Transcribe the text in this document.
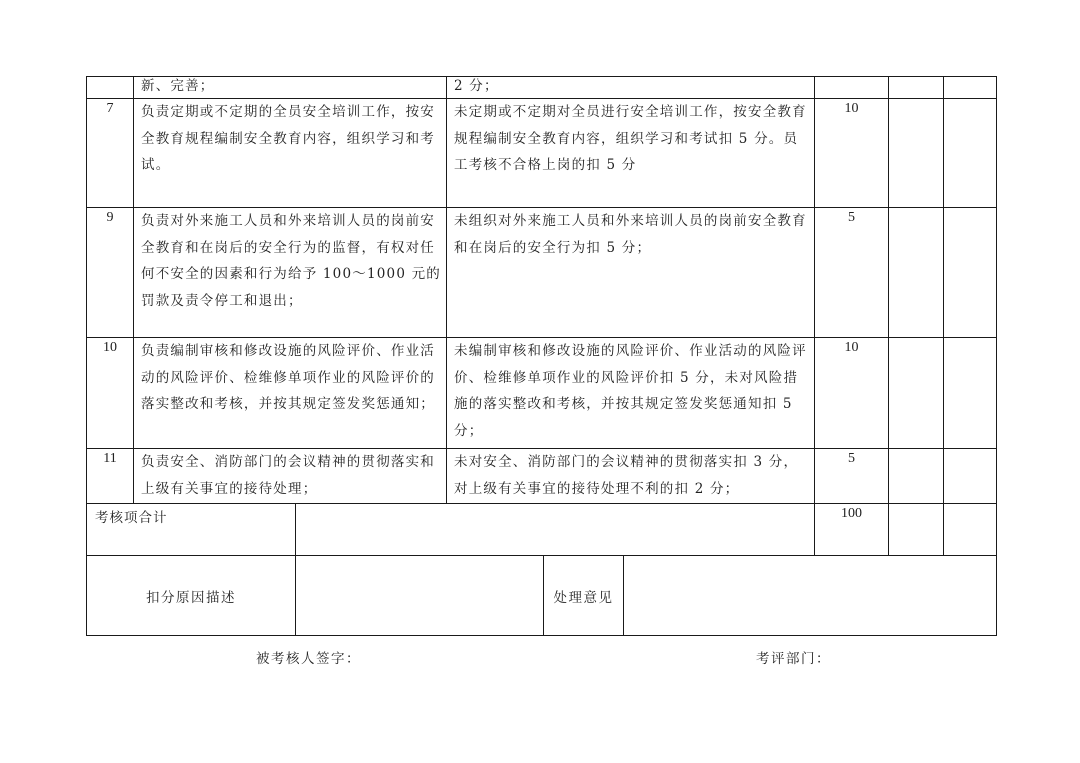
	新、完善；		2 分；					
7	负责定期或不定期的全员安全培训工作，按安全教育规程编制安全教育内容，组织学习和考试。		未定期或不定期对全员进行安全培训工作，按安全教育规程编制安全教育内容，组织学习和考试扣 5 分。员工考核不合格上岗的扣 5 分			10		
9	负责对外来施工人员和外来培训人员的岗前安全教育和在岗后的安全行为的监督，有权对任何不安全的因素和行为给予 100～1000 元的罚款及责令停工和退出；		未组织对外来施工人员和外来培训人员的岗前安全教育和在岗后的安全行为扣 5 分；			5		
10	负责编制审核和修改设施的风险评价、作业活动的风险评价、检维修单项作业的风险评价的落实整改和考核，并按其规定签发奖惩通知；		未编制审核和修改设施的风险评价、作业活动的风险评价、检维修单项作业的风险评价扣 5 分，未对风险措施的落实整改和考核，并按其规定签发奖惩通知扣 5 分；			10		
11	负责安全、消防部门的会议精神的贯彻落实和上级有关事宜的接待处理；		未对安全、消防部门的会议精神的贯彻落实扣 3 分，对上级有关事宜的接待处理不利的扣 2 分；			5		
考核项合计						100		
扣分原因描述				处理意见				
被考核人签字：	考评部门：
